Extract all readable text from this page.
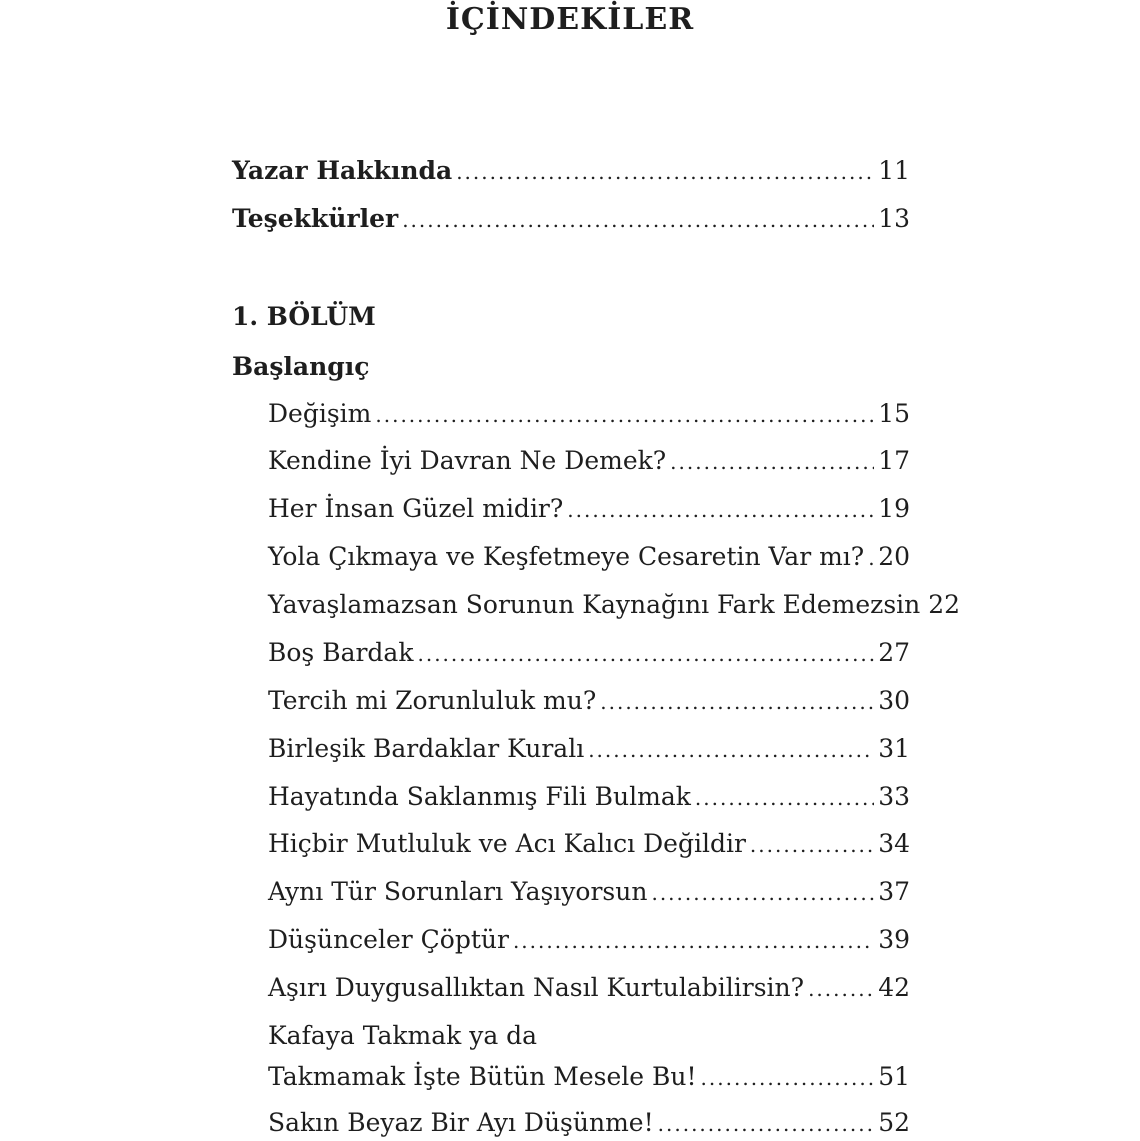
İÇİNDEKİLER
Yazar Hakkında .....	11
Teşekkürler .....	13
1. BÖLÜM
Başlangıç
Değişim .....	15
Kendine İyi Davran Ne Demek? .....	17
Her İnsan Güzel midir? .....	19
Yola Çıkmaya ve Keşfetmeye Cesaretin Var mı? ..... 20
Yavaşlamazsan Sorunun Kaynağını Fark Edemezsin 22
Boş Bardak .....	27
Tercih mi Zorunluluk mu? .....	30
Birleşik Bardaklar Kuralı .....	31
Hayatında Saklanmış Fili Bulmak .....	33
Hiçbir Mutluluk ve Acı Kalıcı Değildir .....	34
Aynı Tür Sorunları Yaşıyorsun .....	37
Düşünceler Çöptür .....	39
Aşırı Duygusallıktan Nasıl Kurtulabilirsin? .....	42
Kafaya Takmak ya da
Takmamak İşte Bütün Mesele Bu! .....	51
Sakın Beyaz Bir Ayı Düşünme! .....	52
